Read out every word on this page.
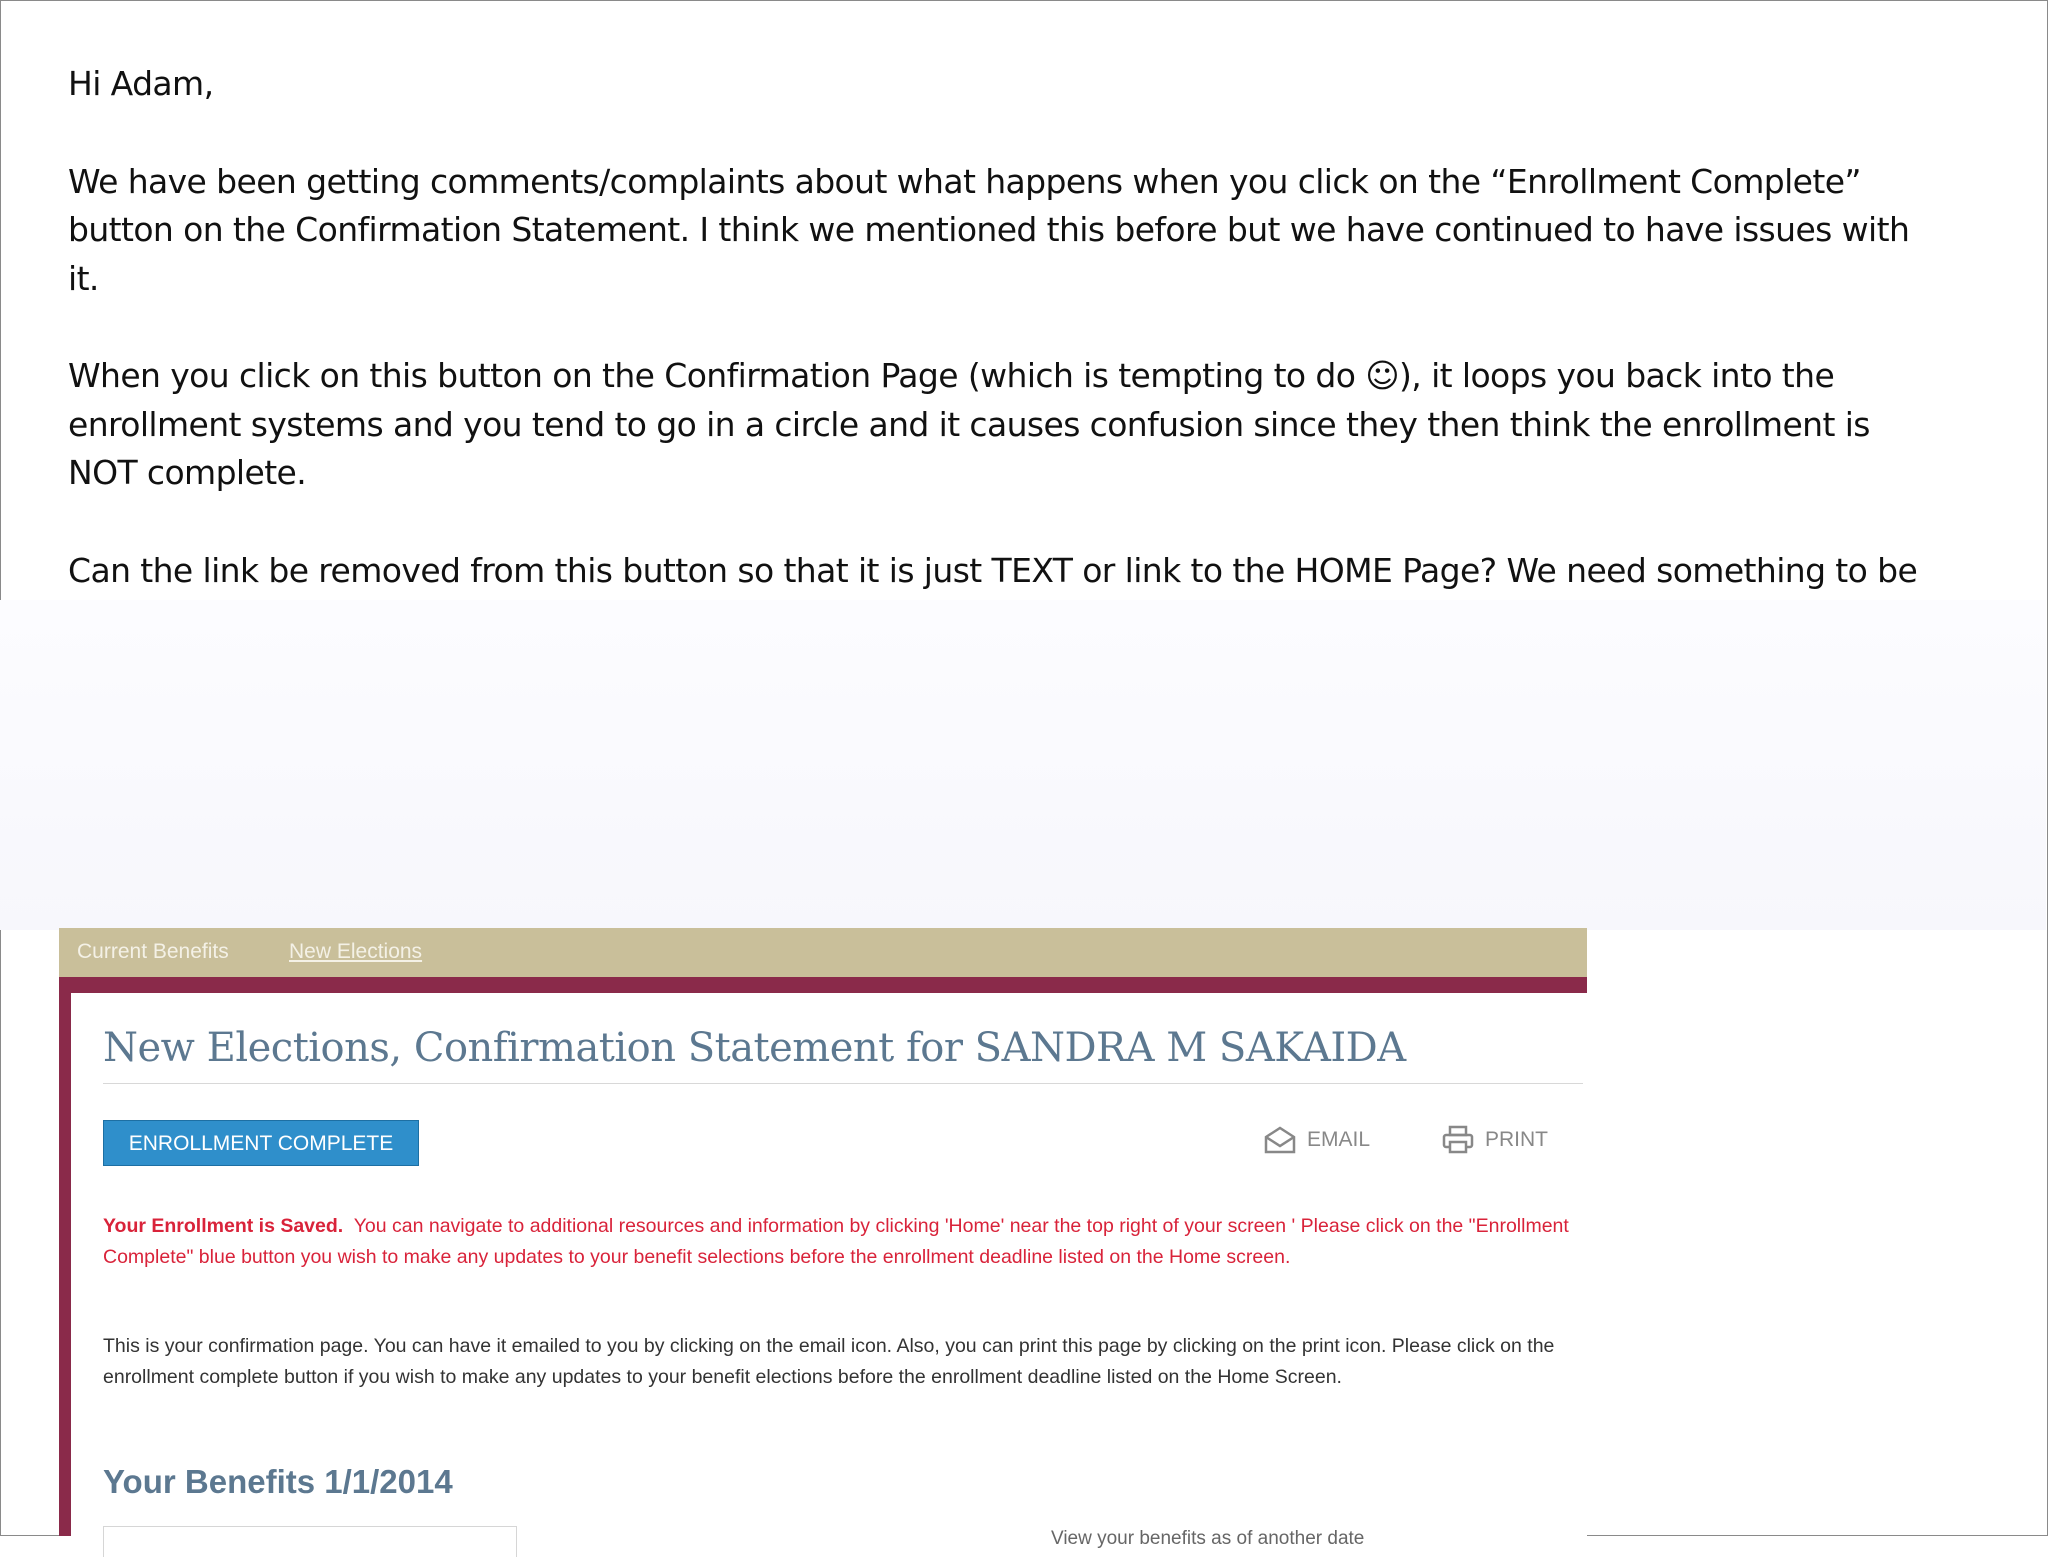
Hi Adam,

We have been getting comments/complaints about what happens when you click on the “Enrollment Complete” button on the Confirmation Statement. I think we mentioned this before but we have continued to have issues with it.

When you click on this button on the Confirmation Page (which is tempting to do ☺), it loops you back into the enrollment systems and you tend to go in a circle and it causes confusion since they then think the enrollment is NOT complete.

Can the link be removed from this button so that it is just TEXT or link to the HOME Page? We need something to be

Current Benefits	New Elections
New Elections, Confirmation Statement for SANDRA M SAKAIDA
ENROLLMENT COMPLETE	EMAIL	PRINT
Your Enrollment is Saved. You can navigate to additional resources and information by clicking 'Home' near the top right of your screen ' Please click on the "Enrollment Complete" blue button you wish to make any updates to your benefit selections before the enrollment deadline listed on the Home screen.
This is your confirmation page. You can have it emailed to you by clicking on the email icon. Also, you can print this page by clicking on the print icon. Please click on the enrollment complete button if you wish to make any updates to your benefit elections before the enrollment deadline listed on the Home Screen.
Your Benefits 1/1/2014
View your benefits as of another date
